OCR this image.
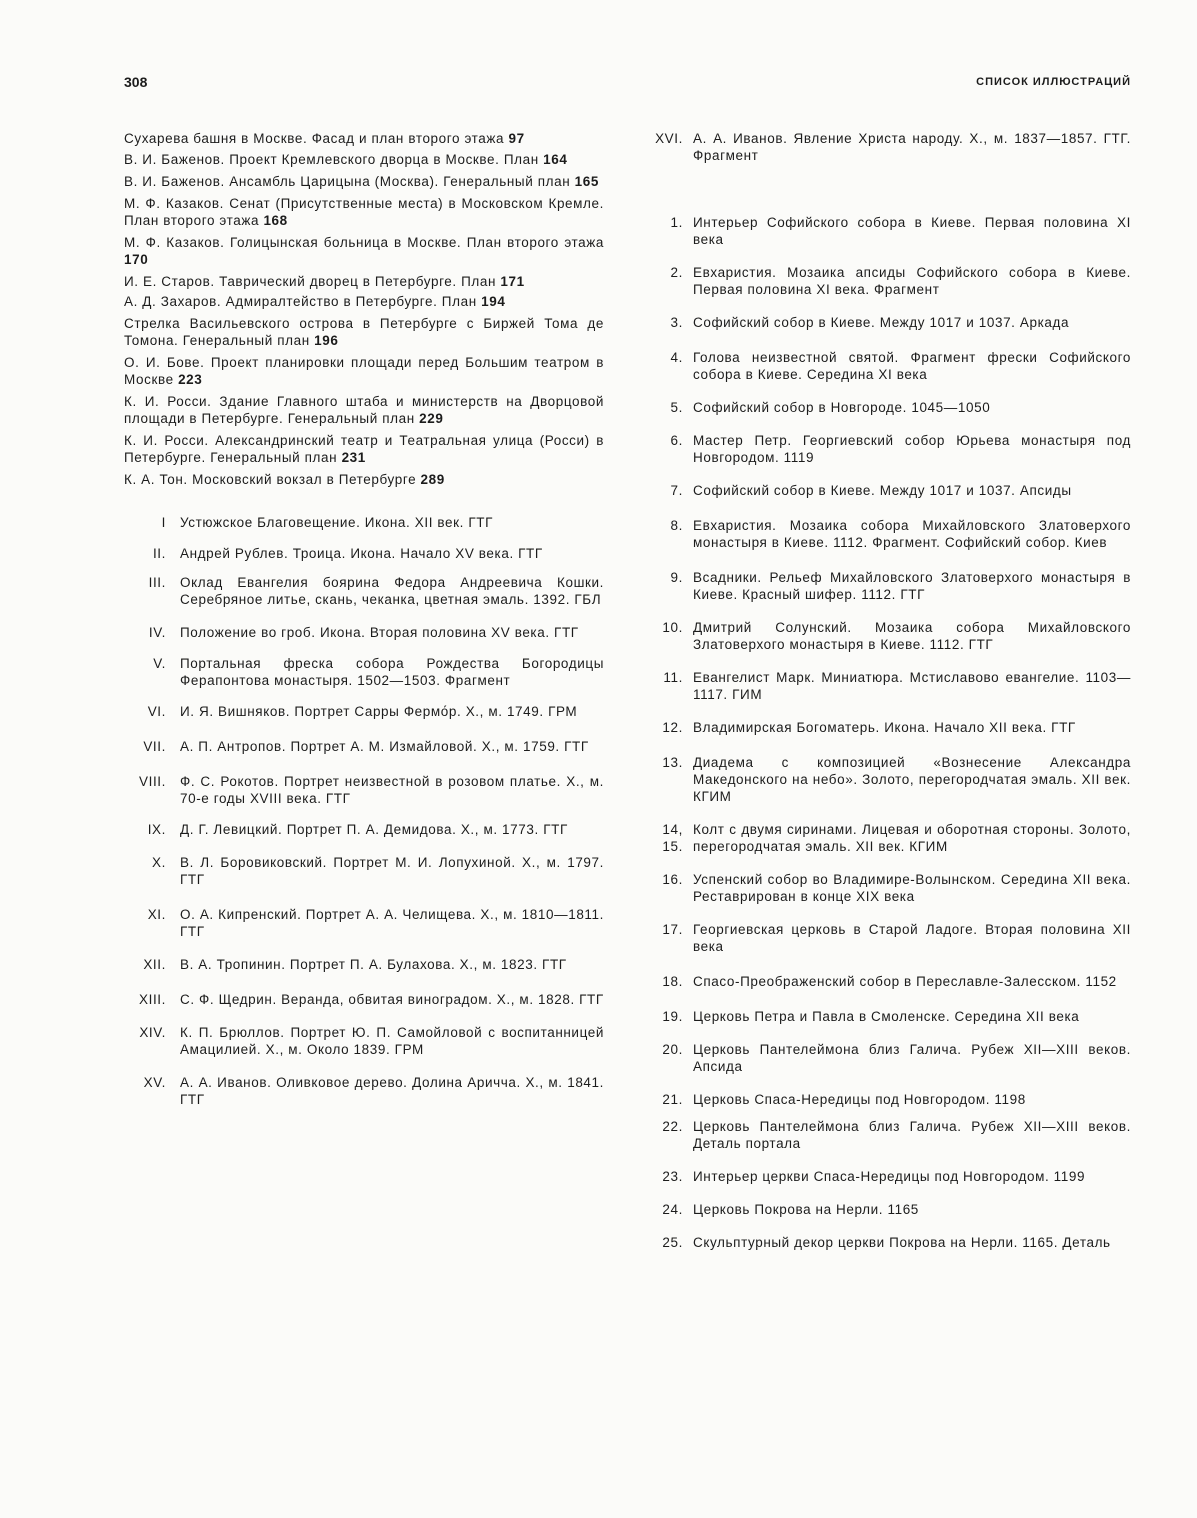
308	СПИСОК ИЛЛЮСТРАЦИЙ

Сухарева башня в Москве. Фасад и план второго этажа 97

В. И. Баженов. Проект Кремлевского дворца в Москве. План 164

В. И. Баженов. Ансамбль Царицына (Москва). Генеральный план 165

М. Ф. Казаков. Сенат (Присутственные места) в Московском Кремле. План второго этажа 168

М. Ф. Казаков. Голицынская больница в Москве. План второго этажа 170

И. Е. Старов. Таврический дворец в Петербурге. План 171

А. Д. Захаров. Адмиралтейство в Петербурге. План 194

Стрелка Васильевского острова в Петербурге с Биржей Тома де Томона. Генеральный план 196

О. И. Бове. Проект планировки площади перед Большим театром в Москве 223

К. И. Росси. Здание Главного штаба и министерств на Дворцовой площади в Петербурге. Генеральный план 229

К. И. Росси. Александринский театр и Театральная улица (Росси) в Петербурге. Генеральный план 231

К. А. Тон. Московский вокзал в Петербурге 289

I	Устюжское Благовещение. Икона. XII век. ГТГ
II.	Андрей Рублев. Троица. Икона. Начало XV века. ГТГ
III.	Оклад Евангелия боярина Федора Андреевича Кошки. Серебряное литье, скань, чеканка, цветная эмаль. 1392. ГБЛ
IV.	Положение во гроб. Икона. Вторая половина XV века. ГТГ
V.	Портальная фреска собора Рождества Богородицы Ферапонтова монастыря. 1502—1503. Фрагмент
VI.	И. Я. Вишняков. Портрет Сарры Фермо́р. Х., м. 1749. ГРМ
VII.	А. П. Антропов. Портрет А. М. Измайловой. Х., м. 1759. ГТГ
VIII.	Ф. С. Рокотов. Портрет неизвестной в розовом платье. Х., м. 70-е годы XVIII века. ГТГ
IX.	Д. Г. Левицкий. Портрет П. А. Демидова. Х., м. 1773. ГТГ
X.	В. Л. Боровиковский. Портрет М. И. Лопухиной. Х., м. 1797. ГТГ
XI.	О. А. Кипренский. Портрет А. А. Челищева. Х., м. 1810—1811. ГТГ
XII.	В. А. Тропинин. Портрет П. А. Булахова. Х., м. 1823. ГТГ
XIII.	С. Ф. Щедрин. Веранда, обвитая виноградом. Х., м. 1828. ГТГ
XIV.	К. П. Брюллов. Портрет Ю. П. Самойловой с воспитанницей Амацилией. Х., м. Около 1839. ГРМ
XV.	А. А. Иванов. Оливковое дерево. Долина Аричча. Х., м. 1841. ГТГ
XVI. А. А. Иванов. Явление Христа народу. Х., м. 1837—1857. ГТГ. Фрагмент
1. Интерьер Софийского собора в Киеве. Первая половина XI века
2. Евхаристия. Мозаика апсиды Софийского собора в Киеве. Первая половина XI века. Фрагмент
3. Софийский собор в Киеве. Между 1017 и 1037. Аркада
4. Голова неизвестной святой. Фрагмент фрески Софийского собора в Киеве. Середина XI века
5. Софийский собор в Новгороде. 1045—1050
6. Мастер Петр. Георгиевский собор Юрьева монастыря под Новгородом. 1119
7. Софийский собор в Киеве. Между 1017 и 1037. Апсиды
8. Евхаристия. Мозаика собора Михайловского Златоверхого монастыря в Киеве. 1112. Фрагмент. Софийский собор. Киев
9. Всадники. Рельеф Михайловского Златоверхого монастыря в Киеве. Красный шифер. 1112. ГТГ
10. Дмитрий Солунский. Мозаика собора Михайловского Златоверхого монастыря в Киеве. 1112. ГТГ
11. Евангелист Марк. Миниатюра. Мстиславово евангелие. 1103—1117. ГИМ
12. Владимирская Богоматерь. Икона. Начало XII века. ГТГ
13. Диадема с композицией «Вознесение Александра Македонского на небо». Золото, перегородчатая эмаль. XII век. КГИМ
14, 15.
Колт с двумя сиринами. Лицевая и оборотная стороны. Золото, перегородчатая эмаль. XII век. КГИМ
16. Успенский собор во Владимире-Волынском. Середина XII века. Реставрирован в конце XIX века
17. Георгиевская церковь в Старой Ладоге. Вторая половина XII века
18. Спасо-Преображенский собор в Переславле-Залесском. 1152
19. Церковь Петра и Павла в Смоленске. Середина XII века
20. Церковь Пантелеймона близ Галича. Рубеж XII—XIII веков. Апсида
21. Церковь Спаса-Нередицы под Новгородом. 1198
22. Церковь Пантелеймона близ Галича. Рубеж XII—XIII веков. Деталь портала
23. Интерьер церкви Спаса-Нередицы под Новгородом. 1199
24. Церковь Покрова на Нерли. 1165
25. Скульптурный декор церкви Покрова на Нерли. 1165. Деталь
